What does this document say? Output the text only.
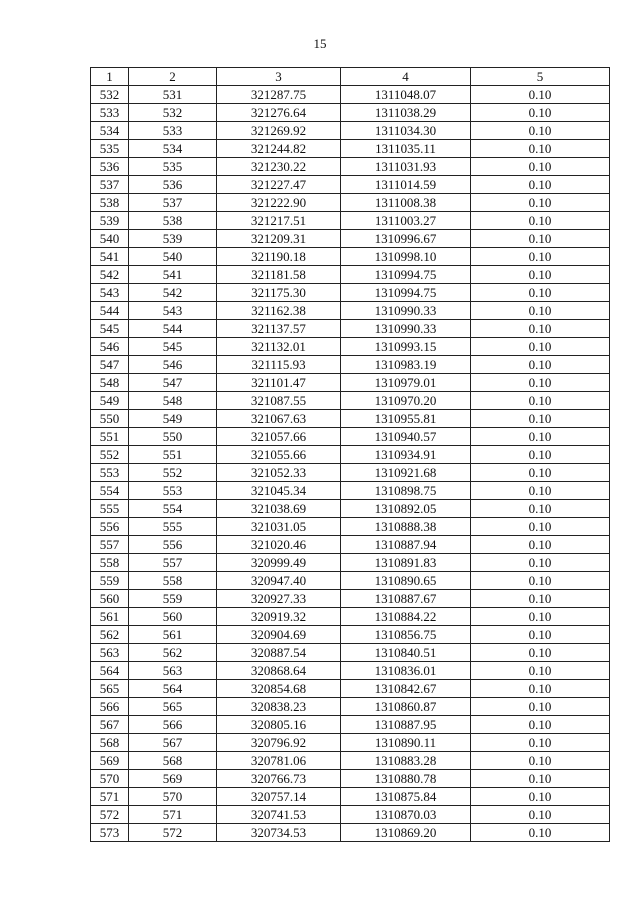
15
1	2	3	4	5
532	531	321287.75	1311048.07	0.10
533	532	321276.64	1311038.29	0.10
534	533	321269.92	1311034.30	0.10
535	534	321244.82	1311035.11	0.10
536	535	321230.22	1311031.93	0.10
537	536	321227.47	1311014.59	0.10
538	537	321222.90	1311008.38	0.10
539	538	321217.51	1311003.27	0.10
540	539	321209.31	1310996.67	0.10
541	540	321190.18	1310998.10	0.10
542	541	321181.58	1310994.75	0.10
543	542	321175.30	1310994.75	0.10
544	543	321162.38	1310990.33	0.10
545	544	321137.57	1310990.33	0.10
546	545	321132.01	1310993.15	0.10
547	546	321115.93	1310983.19	0.10
548	547	321101.47	1310979.01	0.10
549	548	321087.55	1310970.20	0.10
550	549	321067.63	1310955.81	0.10
551	550	321057.66	1310940.57	0.10
552	551	321055.66	1310934.91	0.10
553	552	321052.33	1310921.68	0.10
554	553	321045.34	1310898.75	0.10
555	554	321038.69	1310892.05	0.10
556	555	321031.05	1310888.38	0.10
557	556	321020.46	1310887.94	0.10
558	557	320999.49	1310891.83	0.10
559	558	320947.40	1310890.65	0.10
560	559	320927.33	1310887.67	0.10
561	560	320919.32	1310884.22	0.10
562	561	320904.69	1310856.75	0.10
563	562	320887.54	1310840.51	0.10
564	563	320868.64	1310836.01	0.10
565	564	320854.68	1310842.67	0.10
566	565	320838.23	1310860.87	0.10
567	566	320805.16	1310887.95	0.10
568	567	320796.92	1310890.11	0.10
569	568	320781.06	1310883.28	0.10
570	569	320766.73	1310880.78	0.10
571	570	320757.14	1310875.84	0.10
572	571	320741.53	1310870.03	0.10
573	572	320734.53	1310869.20	0.10
